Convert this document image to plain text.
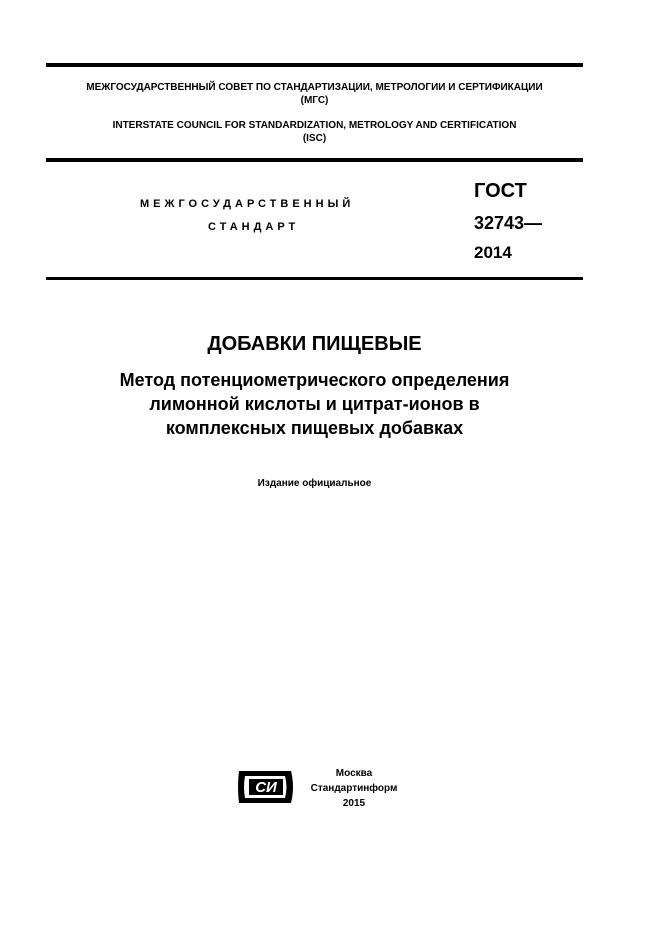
МЕЖГОСУДАРСТВЕННЫЙ СОВЕТ ПО СТАНДАРТИЗАЦИИ, МЕТРОЛОГИИ И СЕРТИФИКАЦИИ
(МГС)
INTERSTATE COUNCIL FOR STANDARDIZATION, METROLOGY AND CERTIFICATION
(ISC)
МЕЖГОСУДАРСТВЕННЫЙ
СТАНДАРТ
ГОСТ
32743—
2014
ДОБАВКИ ПИЩЕВЫЕ
Метод потенциометрического определения
лимонной кислоты и цитрат-ионов в
комплексных пищевых добавках
Издание официальное
СИ
Москва
Стандартинформ
2015
